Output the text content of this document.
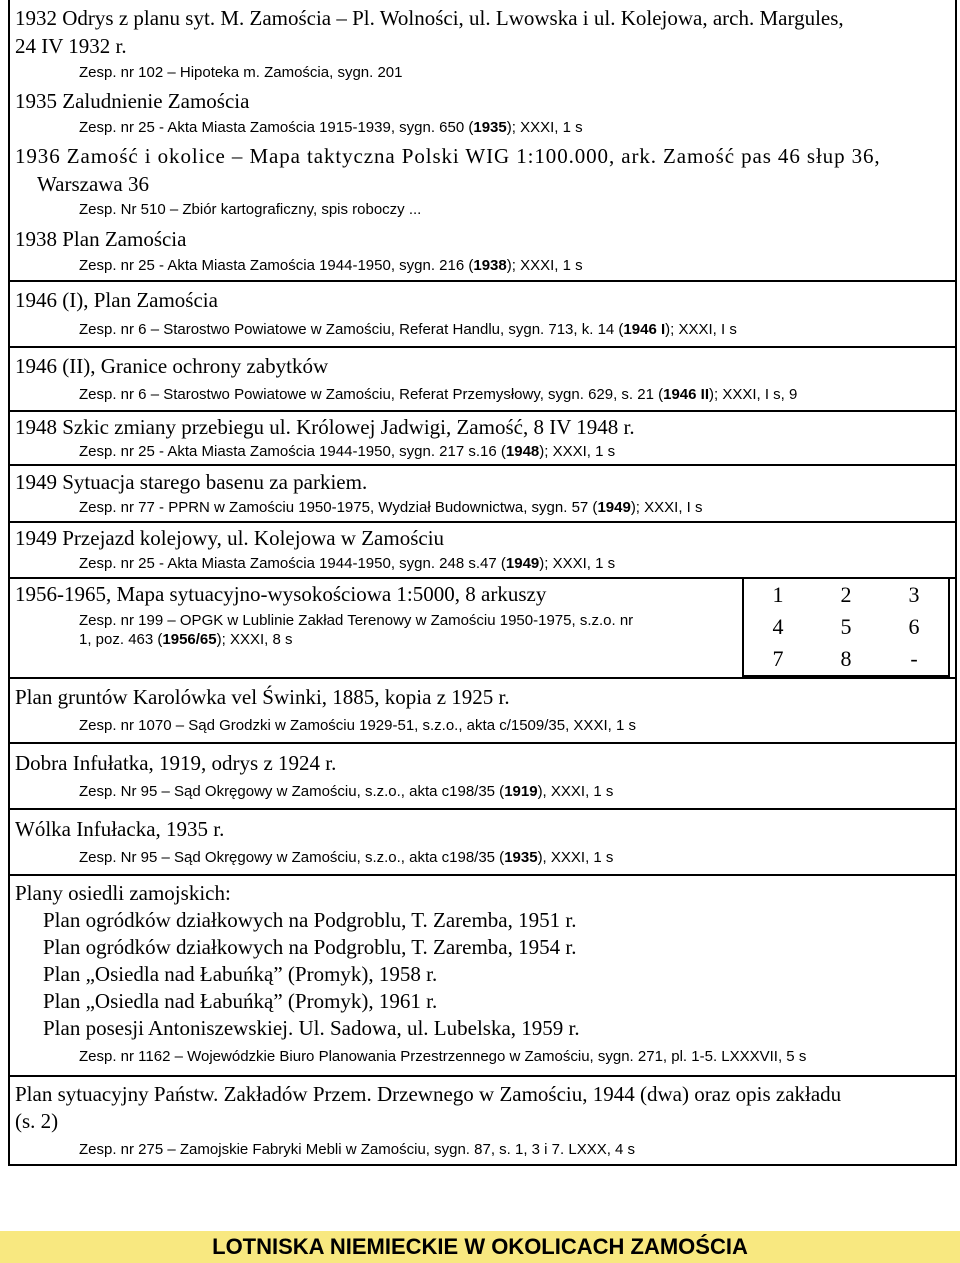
1932 Odrys z planu syt. M. Zamościa – Pl. Wolności, ul. Lwowska i ul. Kolejowa, arch. Margules,
24 IV 1932 r.
Zesp. nr 102 – Hipoteka m. Zamościa, sygn. 201
1935 Zaludnienie Zamościa
Zesp. nr 25 - Akta Miasta Zamościa 1915-1939, sygn. 650 (1935); XXXI, 1 s
1936 Zamość i okolice – Mapa taktyczna Polski WIG 1:100.000, ark. Zamość pas 46 słup 36,
Warszawa 36
Zesp. Nr 510 – Zbiór kartograficzny, spis roboczy ...
1938 Plan Zamościa
Zesp. nr 25 - Akta Miasta Zamościa 1944-1950, sygn. 216 (1938); XXXI, 1 s
1946 (I), Plan Zamościa
Zesp. nr 6 – Starostwo Powiatowe w Zamościu, Referat Handlu, sygn. 713, k. 14 (1946 I); XXXI, I s
1946 (II), Granice ochrony zabytków
Zesp. nr 6 – Starostwo Powiatowe w Zamościu, Referat Przemysłowy, sygn. 629, s. 21 (1946 II); XXXI, I s, 9
1948 Szkic zmiany przebiegu ul. Królowej Jadwigi, Zamość, 8 IV 1948 r.
Zesp. nr 25 - Akta Miasta Zamościa 1944-1950, sygn. 217 s.16 (1948); XXXI, 1 s
1949 Sytuacja starego basenu za parkiem.
Zesp. nr 77 - PPRN w Zamościu 1950-1975, Wydział Budownictwa, sygn. 57 (1949); XXXI, I s
1949 Przejazd kolejowy, ul. Kolejowa w Zamościu
Zesp. nr 25 - Akta Miasta Zamościa 1944-1950, sygn. 248 s.47 (1949); XXXI, 1 s
1956-1965, Mapa sytuacyjno-wysokościowa 1:5000, 8 arkuszy
Zesp. nr 199 – OPGK w Lublinie Zakład Terenowy w Zamościu 1950-1975, s.z.o. nr
1, poz. 463 (1956/65); XXXI, 8 s
1	2	3
4	5	6
7	8	-
Plan gruntów Karolówka vel Świnki, 1885, kopia z 1925 r.
Zesp. nr 1070 – Sąd Grodzki w Zamościu 1929-51, s.z.o., akta c/1509/35, XXXI, 1 s
Dobra Infułatka, 1919, odrys z 1924 r.
Zesp. Nr 95 – Sąd Okręgowy w Zamościu, s.z.o., akta c198/35 (1919), XXXI, 1 s
Wólka Infułacka, 1935 r.
Zesp. Nr 95 – Sąd Okręgowy w Zamościu, s.z.o., akta c198/35 (1935), XXXI, 1 s
Plany osiedli zamojskich:
Plan ogródków działkowych na Podgroblu, T. Zaremba, 1951 r.
Plan ogródków działkowych na Podgroblu, T. Zaremba, 1954 r.
Plan „Osiedla nad Łabuńką” (Promyk), 1958 r.
Plan „Osiedla nad Łabuńką” (Promyk), 1961 r.
Plan posesji Antoniszewskiej. Ul. Sadowa, ul. Lubelska, 1959 r.
Zesp. nr 1162 – Wojewódzkie Biuro Planowania Przestrzennego w Zamościu, sygn. 271, pl. 1-5. LXXXVII, 5 s
Plan sytuacyjny Państw. Zakładów Przem. Drzewnego w Zamościu, 1944 (dwa) oraz opis zakładu
(s. 2)
Zesp. nr 275 – Zamojskie Fabryki Mebli w Zamościu, sygn. 87, s. 1, 3 i 7. LXXX, 4 s
LOTNISKA NIEMIECKIE W OKOLICACH ZAMOŚCIA
